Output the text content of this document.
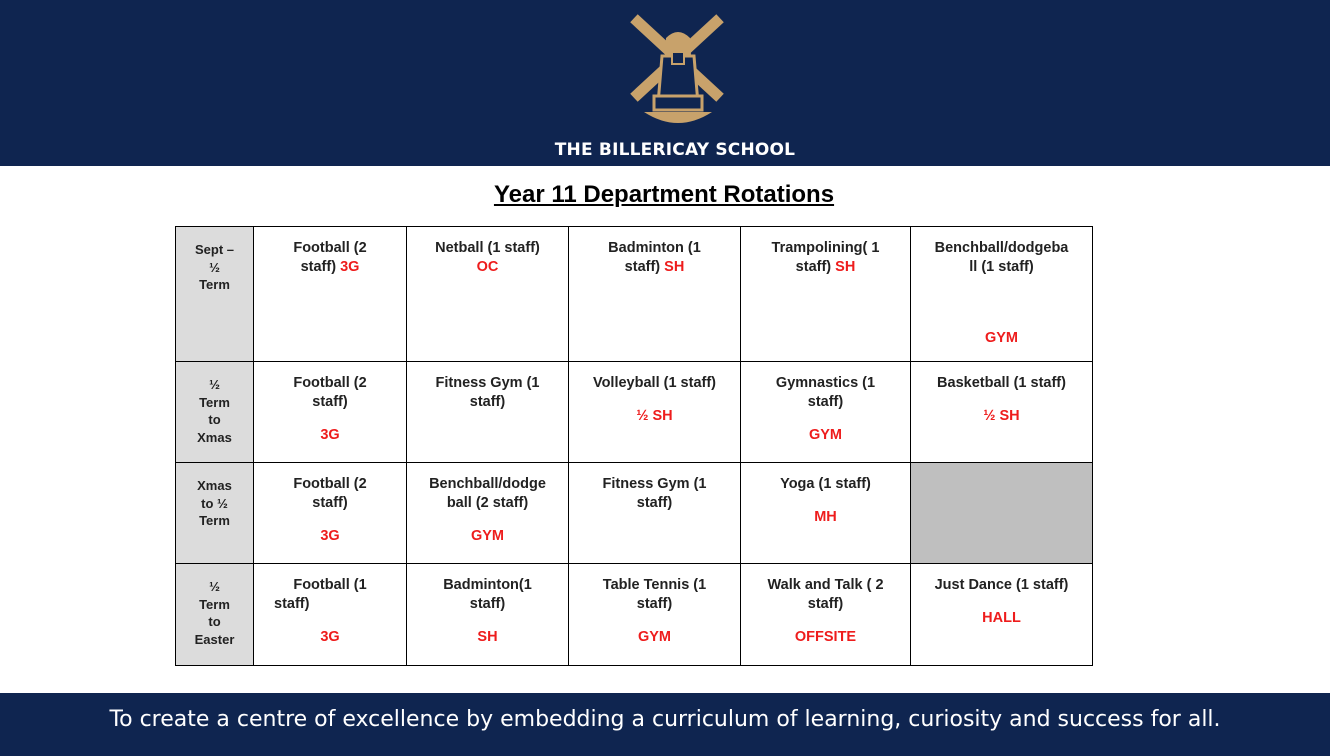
THE BILLERICAY SCHOOL
Year 11 Department Rotations
Sept –
½
Term	Football (2
staff) 3G	Netball (1 staff)
OC	Badminton (1
staff) SH	Trampolining( 1
staff) SH	Benchball/dodgeba
ll (1 staff)
GYM

½
Term
to
Xmas	Football (2
staff)
3G	Fitness Gym (1
staff)	Volleyball (1 staff)
½ SH	Gymnastics (1
staff)
GYM	Basketball (1 staff)
½ SH

Xmas
to ½
Term	Football (2
staff)
3G	Benchball/dodge
ball (2 staff)
GYM	Fitness Gym (1
staff)	Yoga (1 staff)
MH	

½
Term
to
Easter	Football (1
staff)
3G	Badminton(1
staff)
SH	Table Tennis (1
staff)
GYM	Walk and Talk ( 2
staff)
OFFSITE	Just Dance (1 staff)
HALL
To create a centre of excellence by embedding a curriculum of learning, curiosity and success for all.
